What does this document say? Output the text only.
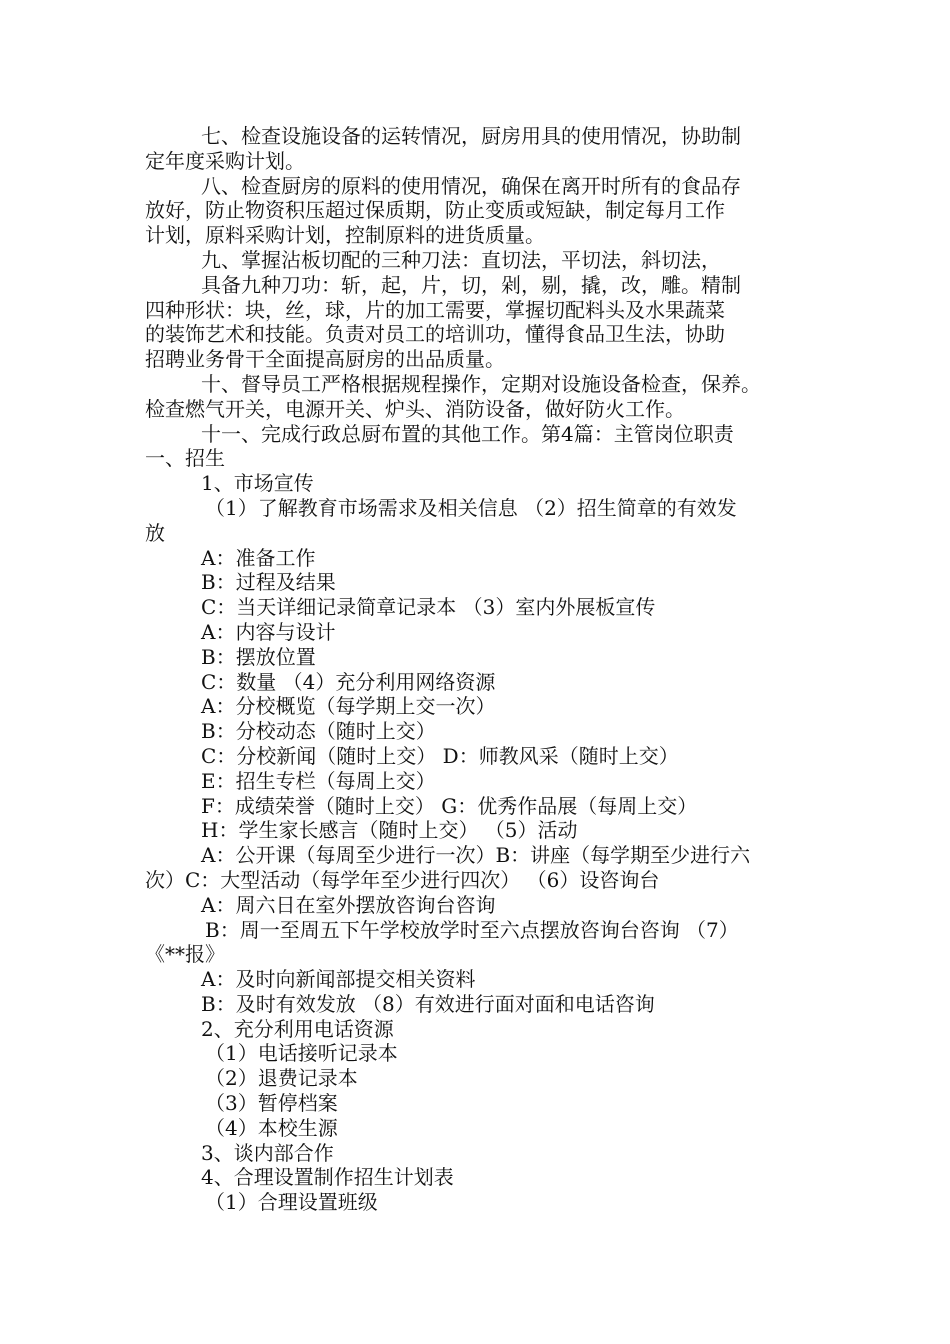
七、检查设施设备的运转情况，厨房用具的使用情况，协助制
定年度采购计划。

八、检查厨房的原料的使用情况，确保在离开时所有的食品存
放好，防止物资积压超过保质期，防止变质或短缺，制定每月工作
计划，原料采购计划，控制原料的进货质量。

九、掌握沾板切配的三种刀法：直切法，平切法，斜切法，

具备九种刀功：斩，起，片，切，剁，剔，撬，改，雕。精制
四种形状：块，丝，球，片的加工需要，掌握切配料头及水果蔬菜
的装饰艺术和技能。负责对员工的培训功，懂得食品卫生法，协助
招聘业务骨干全面提高厨房的出品质量。

十、督导员工严格根据规程操作，定期对设施设备检查，保养。
检查燃气开关，电源开关、炉头、消防设备，做好防火工作。

十一、完成行政总厨布置的其他工作。第4篇：主管岗位职责
一、招生

1、市场宣传

（1）了解教育市场需求及相关信息 （2）招生简章的有效发
放

A：准备工作

B：过程及结果

C：当天详细记录简章记录本 （3）室内外展板宣传

A：内容与设计

B：摆放位置

C：数量 （4）充分利用网络资源

A：分校概览（每学期上交一次）

B：分校动态（随时上交）

C：分校新闻（随时上交） D：师教风采（随时上交）

E：招生专栏（每周上交）

F：成绩荣誉（随时上交） G：优秀作品展（每周上交）

H：学生家长感言（随时上交） （5）活动

A：公开课（每周至少进行一次）B：讲座（每学期至少进行六
次）C：大型活动（每学年至少进行四次） （6）设咨询台

A：周六日在室外摆放咨询台咨询

B：周一至周五下午学校放学时至六点摆放咨询台咨询 （7）
《**报》

A：及时向新闻部提交相关资料

B：及时有效发放 （8）有效进行面对面和电话咨询

2、充分利用电话资源

（1）电话接听记录本

（2）退费记录本

（3）暂停档案

（4）本校生源

3、谈内部合作

4、合理设置制作招生计划表

（1）合理设置班级
